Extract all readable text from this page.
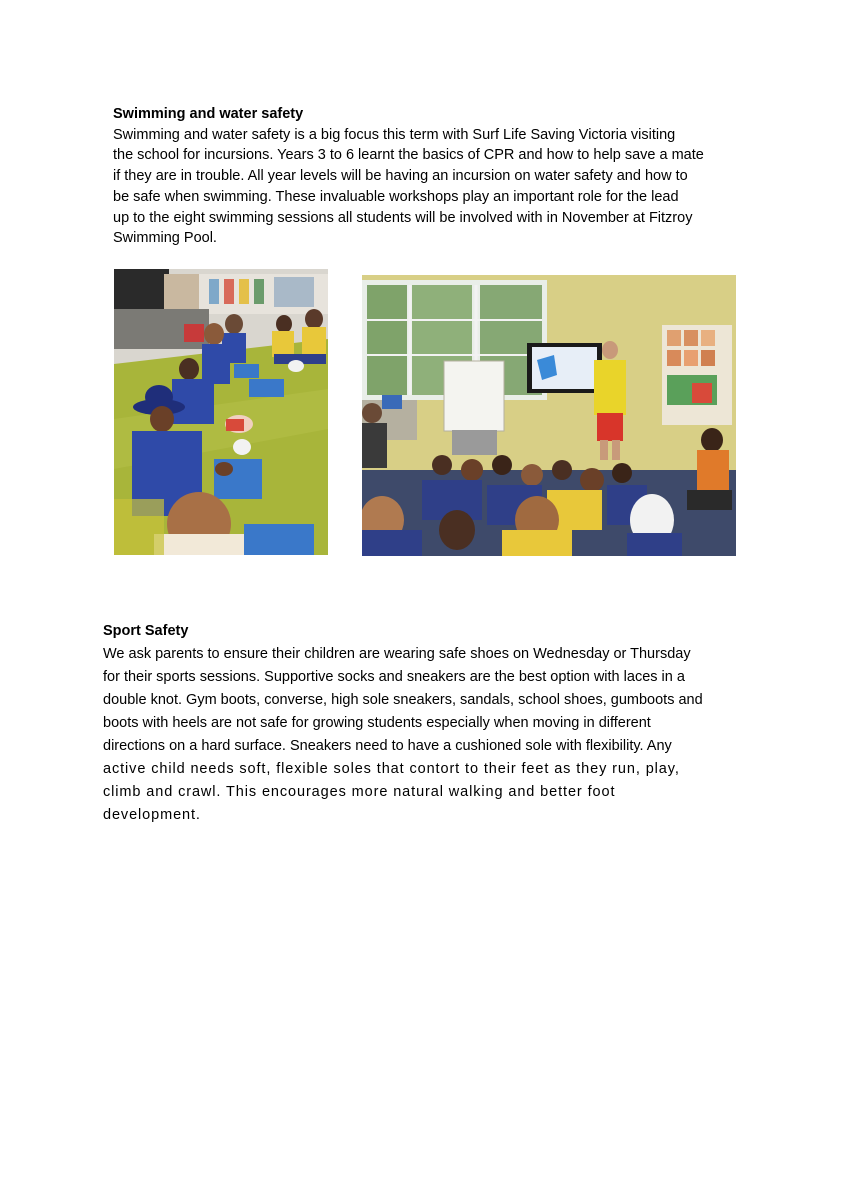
Swimming and water safety

Swimming and water safety is a big focus this term with Surf Life Saving Victoria visiting
the school for incursions. Years 3 to 6 learnt the basics of CPR and how to help save a mate
if they are in trouble. All year levels will be having an incursion on water safety and how to
be safe when swimming. These invaluable workshops play an important role for the lead
up to the eight swimming sessions all students will be involved with in November at Fitzroy
Swimming Pool.

Sport Safety

We ask parents to ensure their children are wearing safe shoes on Wednesday or Thursday
for their sports sessions. Supportive socks and sneakers are the best option with laces in a
double knot. Gym boots, converse, high sole sneakers, sandals, school shoes, gumboots and
boots with heels are not safe for growing students especially when moving in different
directions on a hard surface. Sneakers need to have a cushioned sole with flexibility. Any
active child needs soft, flexible soles that contort to their feet as they run, play,
climb and crawl. This encourages more natural walking and better foot
development.
